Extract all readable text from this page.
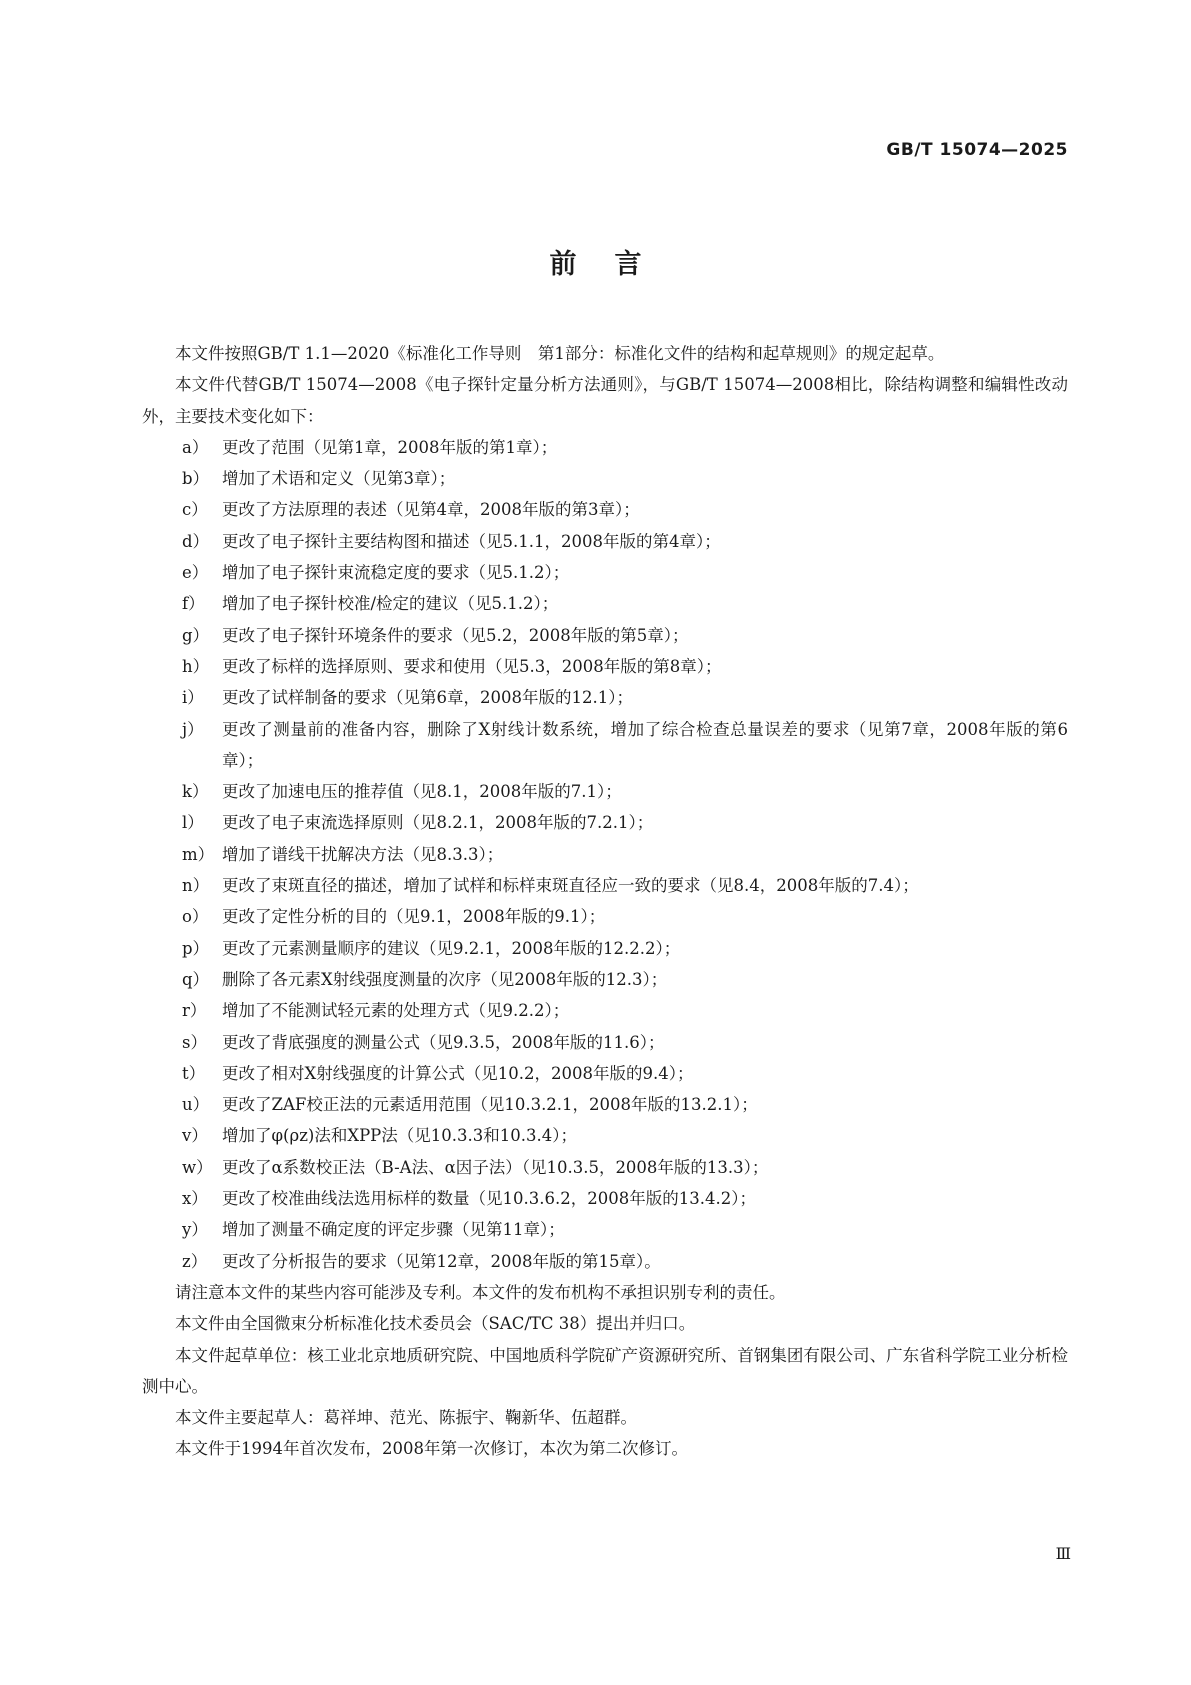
GB/T 15074—2025
前言

本文件按照GB/T 1.1—2020《标准化工作导则　第1部分：标准化文件的结构和起草规则》的规定起草。

本文件代替GB/T 15074—2008《电子探针定量分析方法通则》，与GB/T 15074—2008相比，除结构调整和编辑性改动外，主要技术变化如下：

a） 更改了范围（见第1章，2008年版的第1章）；
b） 增加了术语和定义（见第3章）；
c） 更改了方法原理的表述（见第4章，2008年版的第3章）；
d） 更改了电子探针主要结构图和描述（见5.1.1，2008年版的第4章）；
e） 增加了电子探针束流稳定度的要求（见5.1.2）；
f） 增加了电子探针校准/检定的建议（见5.1.2）；
g） 更改了电子探针环境条件的要求（见5.2，2008年版的第5章）；
h） 更改了标样的选择原则、要求和使用（见5.3，2008年版的第8章）；
i） 更改了试样制备的要求（见第6章，2008年版的12.1）；
j） 更改了测量前的准备内容，删除了X射线计数系统，增加了综合检查总量误差的要求（见第7章，2008年版的第6章）；
k） 更改了加速电压的推荐值（见8.1，2008年版的7.1）；
l） 更改了电子束流选择原则（见8.2.1，2008年版的7.2.1）；
m） 增加了谱线干扰解决方法（见8.3.3）；
n） 更改了束斑直径的描述，增加了试样和标样束斑直径应一致的要求（见8.4，2008年版的7.4）；
o） 更改了定性分析的目的（见9.1，2008年版的9.1）；
p） 更改了元素测量顺序的建议（见9.2.1，2008年版的12.2.2）；
q） 删除了各元素X射线强度测量的次序（见2008年版的12.3）；
r） 增加了不能测试轻元素的处理方式（见9.2.2）；
s） 更改了背底强度的测量公式（见9.3.5，2008年版的11.6）；
t） 更改了相对X射线强度的计算公式（见10.2，2008年版的9.4）；
u） 更改了ZAF校正法的元素适用范围（见10.3.2.1，2008年版的13.2.1）；
v） 增加了φ(ρz)法和XPP法（见10.3.3和10.3.4）；
w） 更改了α系数校正法（B-A法、α因子法）（见10.3.5，2008年版的13.3）；
x） 更改了校准曲线法选用标样的数量（见10.3.6.2，2008年版的13.4.2）；
y） 增加了测量不确定度的评定步骤（见第11章）；
z） 更改了分析报告的要求（见第12章，2008年版的第15章）。

请注意本文件的某些内容可能涉及专利。本文件的发布机构不承担识别专利的责任。

本文件由全国微束分析标准化技术委员会（SAC/TC 38）提出并归口。

本文件起草单位：核工业北京地质研究院、中国地质科学院矿产资源研究所、首钢集团有限公司、广东省科学院工业分析检测中心。

本文件主要起草人：葛祥坤、范光、陈振宇、鞠新华、伍超群。

本文件于1994年首次发布，2008年第一次修订，本次为第二次修订。

Ⅲ
